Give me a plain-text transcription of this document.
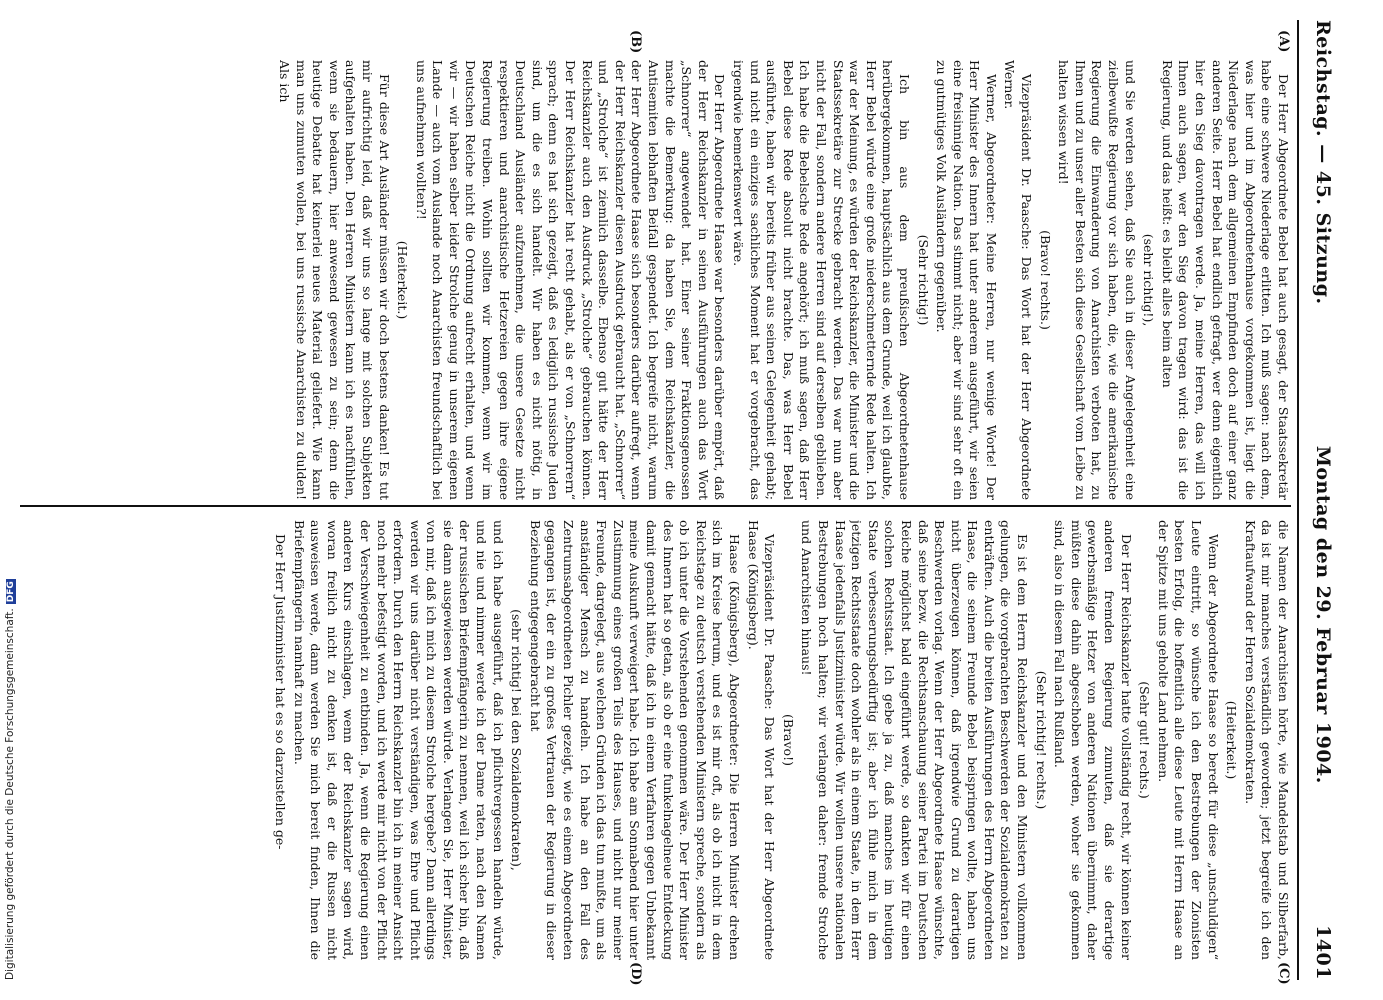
Reichstag. — 45. Sitzung.
Montag den 29. Februar 1904.
1401
(A)
(B)
(C)
(D)

Der Herr Abgeordnete Bebel hat auch gesagt, der Staatssekretär habe eine schwere Niederlage erlitten. Ich muß sagen: nach dem, was hier und im Abgeordnetenhause vorgekommen ist, liegt die Niederlage nach dem allgemeinen Empfinden doch auf einer ganz anderen Seite. Herr Bebel hat endlich gefragt, wer denn eigentlich hier den Sieg davontragen werde. Ja, meine Herren, das will ich Ihnen auch sagen, wer den Sieg davon tragen wird: das ist die Regierung, und das heißt: es bleibt alles beim alten

(sehr richtig!),

und Sie werden sehen, daß Sie auch in dieser Angelegenheit eine zielbewußte Regierung vor sich haben, die, wie die amerikanische Regierung die Einwanderung von Anarchisten verboten hat, zu Ihnen und zu unser aller Besten sich diese Gesellschaft vom Leibe zu halten wissen wird!

(Bravo! rechts.)

Vizepräsident Dr. Paasche: Das Wort hat der Herr Abgeordnete Werner.

Werner, Abgeordneter: Meine Herren, nur wenige Worte! Der Herr Minister des Innern hat unter anderem ausgeführt, wir seien eine freisinnige Nation. Das stimmt nicht; aber wir sind sehr oft ein zu gutmütiges Volk Ausländern gegenüber.

(Sehr richtig!)

Ich bin aus dem preußischen Abgeordnetenhause herübergekommen, hauptsächlich aus dem Grunde, weil ich glaubte, Herr Bebel würde eine große niederschmetternde Rede halten. Ich war der Meinung, es würden der Reichskanzler, die Minister und die Staatssekretäre zur Strecke gebracht werden. Das war nun aber nicht der Fall, sondern andere Herren sind auf derselben geblieben. Ich habe die Bebelsche Rede angehört; ich muß sagen, daß Herr Bebel diese Rede absolut nicht brachte. Das, was Herr Bebel ausführte, haben wir bereits früher aus seinen Gelegenheit gehabt; und nicht ein einziges sachliches Moment hat er vorgebracht, das irgendwie bemerkenswert wäre.

Der Herr Abgeordnete Haase war besonders darüber empört, daß der Herr Reichskanzler in seinen Ausführungen auch das Wort „Schnorrer“ angewendet hat. Einer seiner Fraktionsgenossen machte die Bemerkung: da haben Sie, dem Reichskanzler, die Antisemiten lebhaften Beifall gespendet. Ich begreife nicht, warum der Herr Abgeordnete Haase sich besonders darüber aufregt, wenn der Herr Reichskanzler diesen Ausdruck gebraucht hat. „Schnorrer“ und „Strolche“ ist ziemlich dasselbe. Ebenso gut hätte der Herr Reichskanzler auch den Ausdruck „Strolche“ gebrauchen können. Der Herr Reichskanzler hat recht gehabt, als er von „Schnorrern“ sprach; denn es hat sich gezeigt, daß es lediglich russische Juden sind, um die es sich handelt. Wir haben es nicht nötig, in Deutschland Ausländer aufzunehmen, die unsere Gesetze nicht respektieren und anarchistische Hetzereien gegen ihre eigene Regierung treiben. Wohin sollten wir kommen, wenn wir im Deutschen Reiche nicht die Ordnung aufrecht erhalten, und wenn wir — wir haben selber leider Strolche genug in unserem eigenen Lande — auch vom Auslande noch Anarchisten freundschaftlich bei uns aufnehmen wollten?!

(Heiterkeit.)

Für diese Art Ausländer müssen wir doch bestens danken! Es tut mir aufrichtig leid, daß wir uns so lange mit solchen Subjekten aufgehalten haben. Den Herren Ministern kann ich es nachfühlen, wenn sie bedauern, hier anwesend gewesen zu sein; denn die heutige Debatte hat keinerlei neues Material geliefert. Wie kann man uns zumuten wollen, bei uns russische Anarchisten zu dulden! Als ich

die Namen der Anarchisten hörte, wie Mandelstab und Silberfarb, da ist mir manches verständlich geworden; jetzt begreife ich den Kraftaufwand der Herren Sozialdemokraten.

(Heiterkeit.)

Wenn der Abgeordnete Haase so beredt für diese „unschuldigen“ Leute eintritt, so wünsche ich den Bestrebungen der Zionisten besten Erfolg, die hoffentlich alle diese Leute mit Herrn Haase an der Spitze mit uns geholte Land nehmen.

(Sehr gut! rechts.)

Der Herr Reichskanzler hatte vollständig recht, wir können keiner anderen fremden Regierung zumuten, daß sie derartige gewerbsmäßige Hetzer von anderen Nationen übernimmt, daher müßten diese dahin abgeschoben werden, woher sie gekommen sind, also in diesem Fall nach Rußland.

(Sehr richtig! rechts.)

Es ist dem Herrn Reichskanzler und den Ministern vollkommen gelungen, die vorgebrachten Beschwerden der Sozialdemokraten zu entkräften. Auch die breiten Ausführungen des Herrn Abgeordneten Haase, die seinem Freunde Bebel beispringen wollte, haben uns nicht überzeugen können, daß irgendwie Grund zu derartigen Beschwerden vorlag. Wenn der Herr Abgeordnete Haase wünschte, daß seine bezw. die Rechtsanschauung seiner Partei im Deutschen Reiche möglichst bald eingeführt werde, so dankten wir für einen solchen Rechtsstaat. Ich gebe ja zu, daß manches im heutigen Staate verbesserungsbedürftig ist; aber ich fühle mich in dem jetzigen Rechtsstaate doch wohler als in einem Staate, in dem Herr Haase jedenfalls Justizminister würde. Wir wollen unsere nationalen Bestrebungen hoch halten; wir verlangen daher: fremde Strolche und Anarchisten hinaus!

(Bravo!)

Vizepräsident Dr. Paasche: Das Wort hat der Herr Abgeordnete Haase (Königsberg).

Haase (Königsberg), Abgeordneter: Die Herren Minister drehen sich im Kreise herum, und es ist mir oft, als ob ich nicht in dem Reichstage zu deutsch verstehenden Ministern spreche, sondern als ob ich unter die Vorstehenden genommen wäre. Der Herr Minister des Innern hat so getan, als ob er eine funkelnagelneue Entdeckung damit gemacht hätte, daß ich in einem Verfahren gegen Unbekannt meine Auskunft verweigert habe. Ich habe am Sonnabend hier unter Zustimmung eines großen Teils des Hauses, und nicht nur meiner Freunde, dargelegt, aus welchen Gründen ich das tun mußte, um als anständiger Mensch zu handeln. Ich habe an den Fall des Zentrumsabgeordneten Pichler gezeigt, wie es einem Abgeordneten gegangen ist, der ein zu großes Vertrauen der Regierung in dieser Beziehung entgegengebracht hat

(sehr richtig! bei den Sozialdemokraten),

und ich habe ausgeführt, daß ich pflichtvergessen handeln würde, und nie und nimmer werde ich der Dame raten, nach den Namen der russischen Briefempfängerin zu nennen, weil ich sicher bin, daß sie dann ausgewiesen werden würde. Verlangen Sie, Herr Minister, von mir, daß ich mich zu diesem Strolche hergebe? Dann allerdings werden wir uns darüber nicht verständigen, was Ehre und Pflicht erfordern. Durch den Herrn Reichskanzler bin ich in meiner Ansicht noch mehr befestigt worden, und ich werde mir nicht von der Pflicht der Verschwiegenheit zu entbinden. Ja, wenn die Regierung einen anderen Kurs einschlagen, wenn der Reichskanzler sagen wird, woran freilich nicht zu denken ist, daß er die Russen nicht ausweisen werde, dann werden Sie mich bereit finden, Ihnen die Briefempfängerin namhaft zu machen.

Der Herr Justizminister hat es so darzustellen ge-

Digitalisierung gefördert durch die Deutsche Forschungsgemeinschaft.DFG
